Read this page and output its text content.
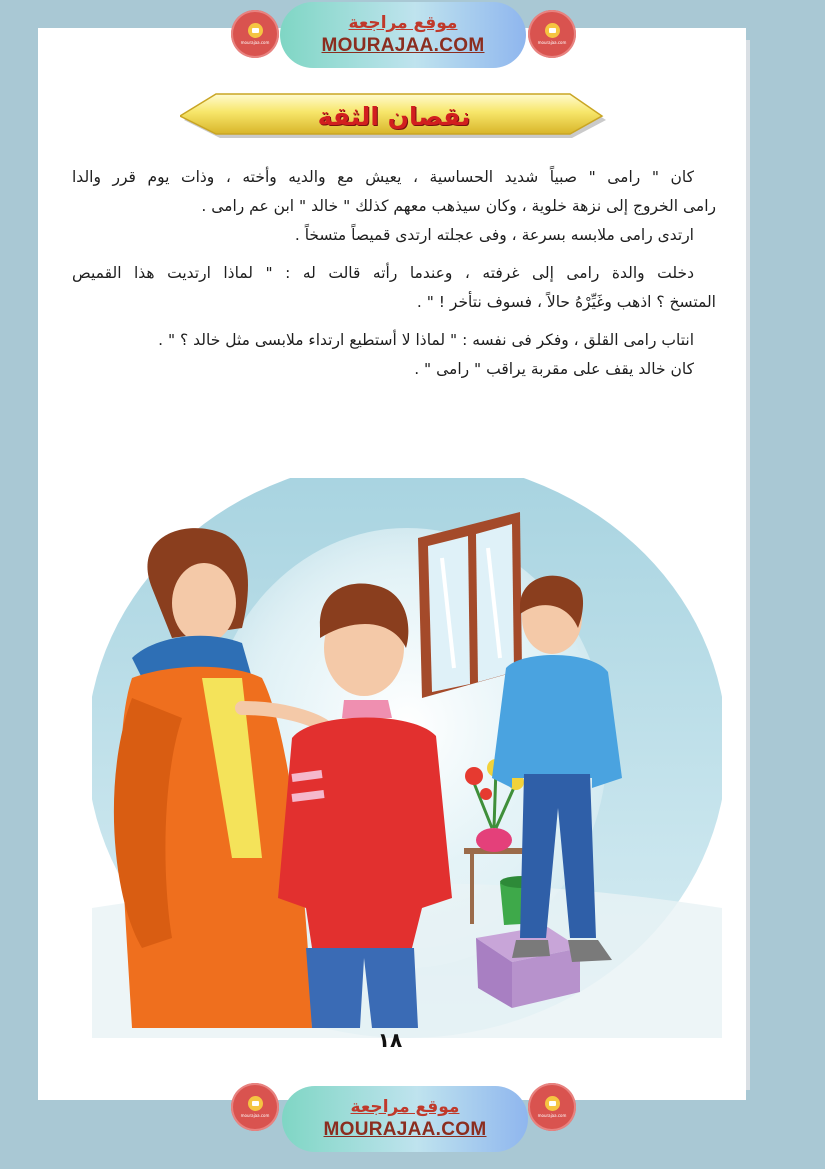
mourajaa.com
موقع مراجعة
MOURAJAA.COM	mourajaa.com
نقصان الثقة
كان " رامى " صبياً شديد الحساسية ، يعيش مع والديه وأخته ، وذات يوم قرر والدا
رامى الخروج إلى نزهة خلوية ، وكان سيذهب معهم كذلك " خالد " ابن عم رامى .
ارتدى رامى ملابسه بسرعة ، وفى عجلته ارتدى قميصاً متسخاً .
دخلت والدة رامى إلى غرفته ، وعندما رأته قالت له : " لماذا ارتديت هذا القميص
المتسخ ؟ اذهب وغَيِّرْهُ حالاً ، فسوف نتأخر ! " .
انتاب رامى القلق ، وفكر فى نفسه : " لماذا لا أستطيع ارتداء ملابسى مثل خالد ؟ " .
كان خالد يقف على مقربة يراقب " رامى " .
١٨
mourajaa.com	موقع مراجعة
MOURAJAA.COM
mourajaa.com
